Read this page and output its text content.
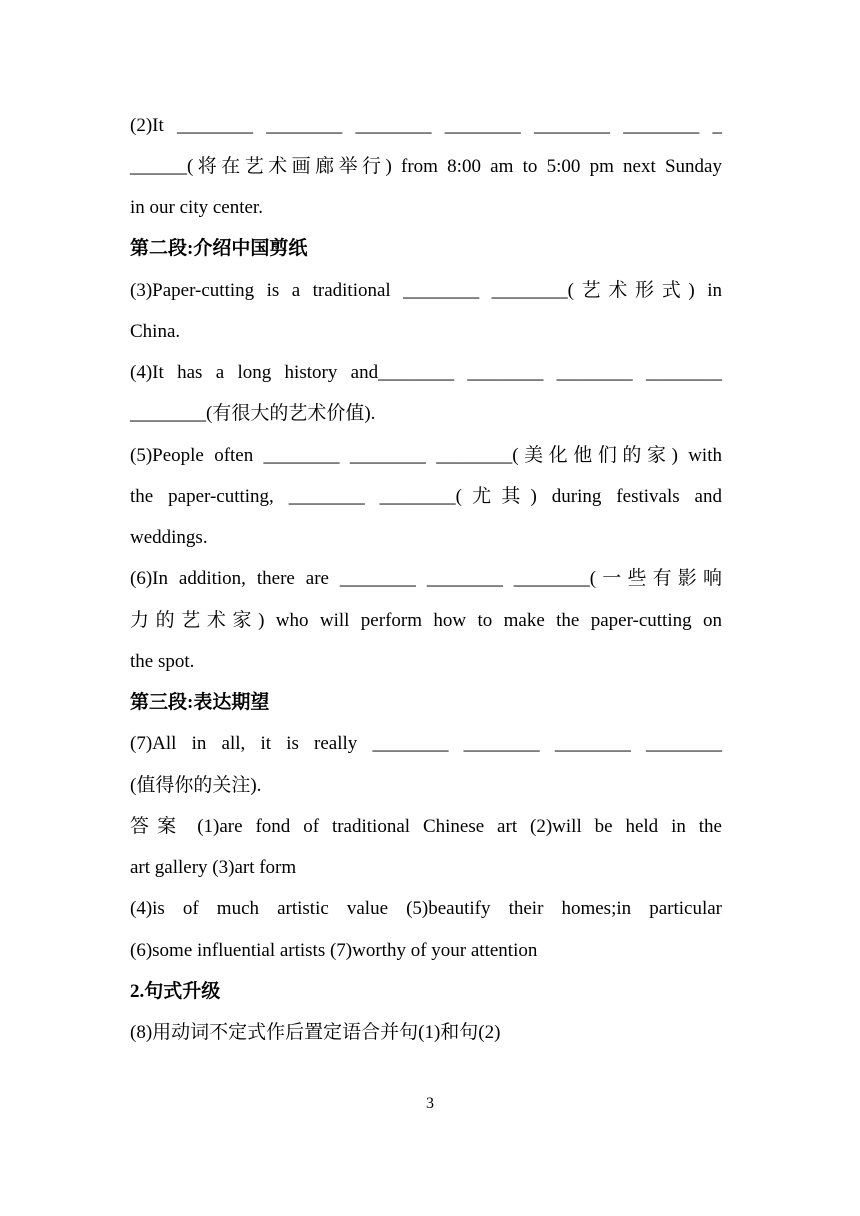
(2)It ________ ________ ________ ________ ________ ________ _
______(将在艺术画廊举行) from 8:00 am to 5:00 pm next Sunday
in our city center.
第二段:介绍中国剪纸
(3)Paper-cutting is a traditional ________ ________(艺术形式) in
China.
(4)It has a long history and________ ________ ________ ________
________(有很大的艺术价值).
(5)People often ________ ________ ________(美化他们的家) with
the paper-cutting, ________ ________(尤其) during festivals and
weddings.
(6)In addition, there are ________ ________ ________(一些有影响
力的艺术家) who will perform how to make the paper-cutting on
the spot.
第三段:表达期望
(7)All in all, it is really ________ ________ ________ ________
(值得你的关注).
答案 (1)are fond of traditional Chinese art (2)will be held in the
art gallery (3)art form
(4)is of much artistic value (5)beautify their homes;in particular
(6)some influential artists (7)worthy of your attention
2.句式升级
(8)用动词不定式作后置定语合并句(1)和句(2)
3
